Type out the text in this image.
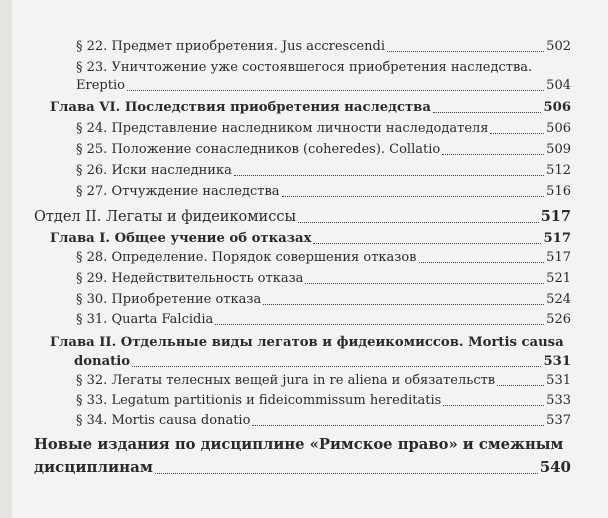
§ 22. Предмет приобретения. Jus accrescendi	502
§ 23. Уничтожение уже состоявшегося приобретения наследства.
Ereptio	504
Глава VI. Последствия приобретения наследства	506
§ 24. Представление наследником личности наследодателя	506
§ 25. Положение сонаследников (coheredes). Collatio	509
§ 26. Иски наследника	512
§ 27. Отчуждение наследства	516
Отдел II. Легаты и фидеикомиссы	517
Глава I. Общее учение об отказах	517
§ 28. Определение. Порядок совершения отказов	517
§ 29. Недействительность отказа	521
§ 30. Приобретение отказа	524
§ 31. Quarta Falcidia	526
Глава II. Отдельные виды легатов и фидеикомиссов. Mortis causa
donatio	531
§ 32. Легаты телесных вещей jura in re aliena и обязательств	531
§ 33. Legatum partitionis и fideicommissum hereditatis	533
§ 34. Mortis causa donatio	537
Новые издания по дисциплине «Римское право» и смежным
дисциплинам	540
